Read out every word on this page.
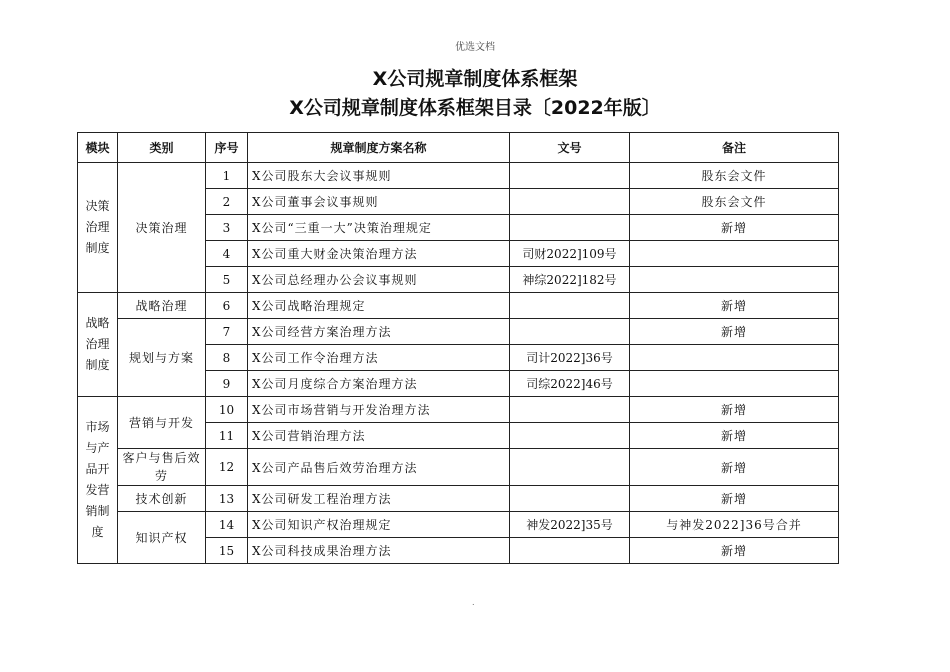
优选文档
X公司规章制度体系框架
X公司规章制度体系框架目录〔2022年版〕
模块	类别	序号	规章制度方案名称	文号	备注
决策治理制度	决策治理	1	X公司股东大会议事规则		股东会文件
		2	X公司董事会议事规则		股东会文件
		3	X公司“三重一大”决策治理规定		新增
		4	X公司重大财金决策治理方法	司财2022]109号	
		5	X公司总经理办公会议事规则	神综2022]182号	
战略治理制度	战略治理	6	X公司战略治理规定		新增
	规划与方案	7	X公司经营方案治理方法		新增
		8	X公司工作令治理方法	司计2022]36号	
		9	X公司月度综合方案治理方法	司综2022]46号	
市场与产品开发营销制度	营销与开发	10	X公司市场营销与开发治理方法		新增
		11	X公司营销治理方法		新增
	客户与售后效劳	12	X公司产品售后效劳治理方法		新增
	技术创新	13	X公司研发工程治理方法		新增
	知识产权	14	X公司知识产权治理规定	神发2022]35号	与神发2022]36号合并
		15	X公司科技成果治理方法		新增
.
